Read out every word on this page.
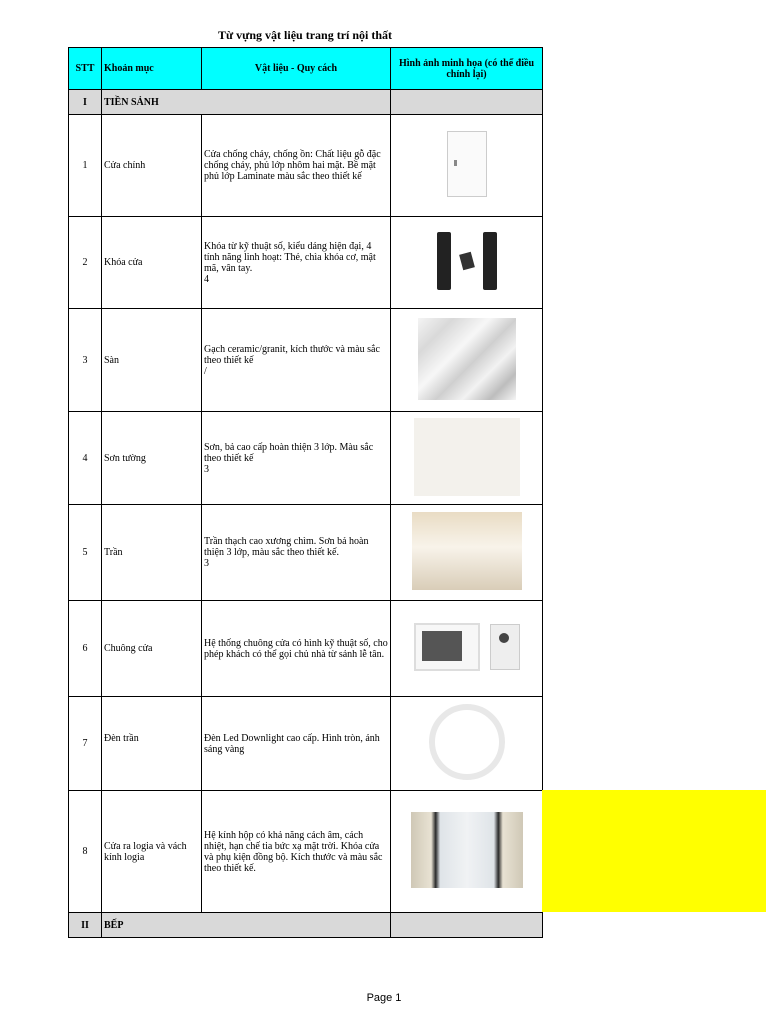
Từ vựng vật liệu trang trí nội thất
STT	Khoản mục	Vật liệu - Quy cách	Hình ảnh minh họa (có thể điều chỉnh lại)
I	TIỀN SẢNH		
1	Cửa chính	Cửa chống cháy, chống ồn: Chất liệu gỗ đặc chống cháy, phủ lớp nhôm hai mặt. Bề mặt phủ lớp Laminate màu sắc theo thiết kế

2	Khóa cửa	Khóa từ kỹ thuật số, kiểu dáng hiện đại, 4 tính năng linh hoạt: Thẻ, chìa khóa cơ, mật mã, vân tay.
4	

3	Sàn	Gạch ceramic/granit, kích thước và màu sắc theo thiết kế
/	
4	Sơn tường	Sơn, bả cao cấp hoàn thiện 3 lớp. Màu sắc theo thiết kế
3	
5	Trần	Trần thạch cao xương chìm. Sơn bả hoàn thiện 3 lớp, màu sắc theo thiết kế.
3	
6	Chuông cửa	Hệ thống chuông cửa có hình kỹ thuật số, cho phép khách có thể gọi chủ nhà từ sảnh lễ tân.

7	Đèn trần	Đèn Led Downlight cao cấp. Hình tròn, ánh sáng vàng

8	Cửa ra logia và vách kính logia	Hệ kính hộp có khả năng cách âm, cách nhiệt, hạn chế tia bức xạ mặt trời. Khóa cửa và phụ kiện đồng bộ. Kích thước và màu sắc theo thiết kế.

II	BẾP	

Page 1
